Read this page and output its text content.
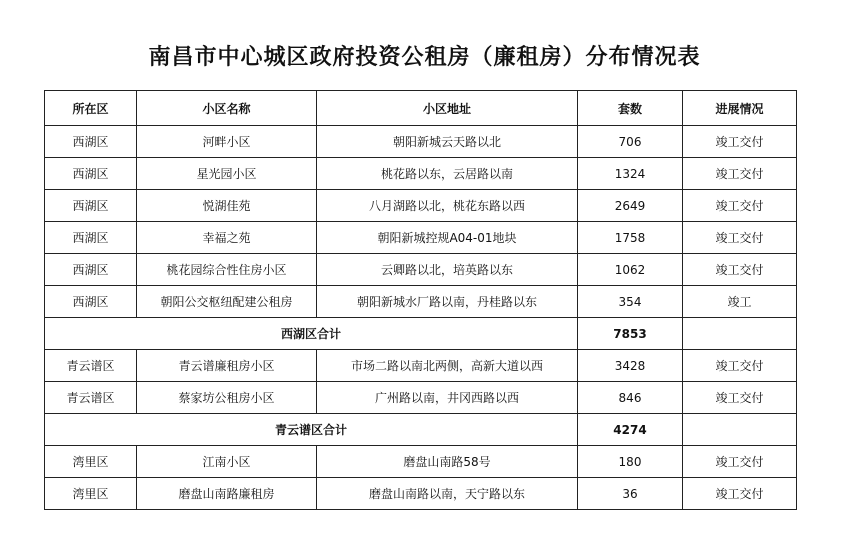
南昌市中心城区政府投资公租房（廉租房）分布情况表
所在区	小区名称	小区地址	套数	进展情况
西湖区	河畔小区	朝阳新城云天路以北	706	竣工交付
西湖区	星光园小区	桃花路以东，云居路以南	1324	竣工交付
西湖区	悦湖佳苑	八月湖路以北，桃花东路以西	2649	竣工交付
西湖区	幸福之苑	朝阳新城控规A04-01地块	1758	竣工交付
西湖区	桃花园综合性住房小区	云卿路以北，培英路以东	1062	竣工交付
西湖区	朝阳公交枢纽配建公租房	朝阳新城水厂路以南，丹桂路以东	354	竣工
西湖区合计			7853	
青云谱区	青云谱廉租房小区	市场二路以南北两侧，高新大道以西	3428	竣工交付
青云谱区	蔡家坊公租房小区	广州路以南，井冈西路以西	846	竣工交付
青云谱区合计			4274	
湾里区	江南小区	磨盘山南路58号	180	竣工交付
湾里区	磨盘山南路廉租房	磨盘山南路以南，天宁路以东	36	竣工交付
